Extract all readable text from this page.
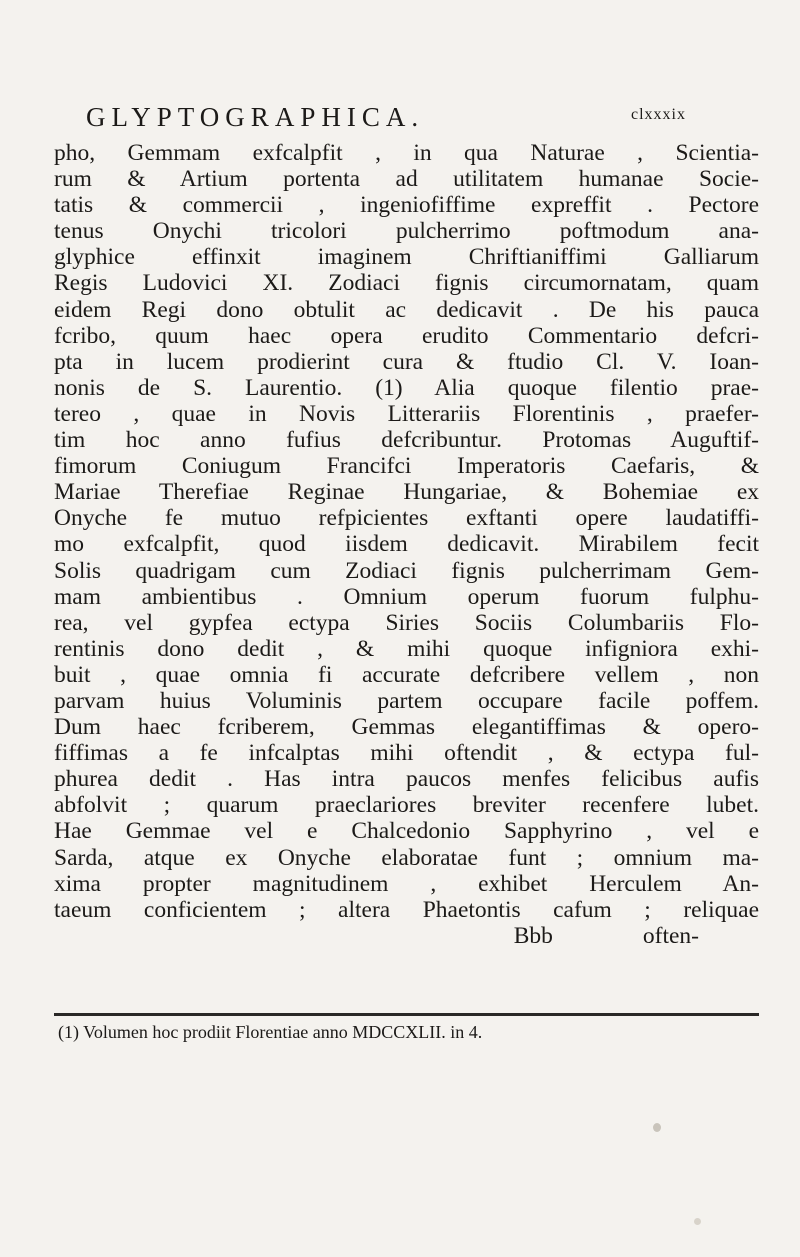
GLYPTOGRAPHICA.	clxxxix
pho, Gemmam exfcalpfit , in qua Naturae , Scientia-
rum & Artium portenta ad utilitatem humanae Socie-
tatis & commercii , ingeniofiffime expreffit . Pectore
tenus Onychi tricolori pulcherrimo poftmodum ana-
glyphice effinxit imaginem Chriftianiffimi Galliarum
Regis Ludovici XI. Zodiaci fignis circumornatam, quam
eidem Regi dono obtulit ac dedicavit . De his pauca
fcribo, quum haec opera erudito Commentario defcri-
pta in lucem prodierint cura & ftudio Cl. V. Ioan-
nonis de S. Laurentio. (1) Alia quoque filentio prae-
tereo , quae in Novis Litterariis Florentinis , praefer-
tim hoc anno fufius defcribuntur. Protomas Auguftif-
fimorum Coniugum Francifci Imperatoris Caefaris, &
Mariae Therefiae Reginae Hungariae, & Bohemiae ex
Onyche fe mutuo refpicientes exftanti opere laudatiffi-
mo exfcalpfit, quod iisdem dedicavit. Mirabilem fecit
Solis quadrigam cum Zodiaci fignis pulcherrimam Gem-
mam ambientibus . Omnium operum fuorum fulphu-
rea, vel gypfea ectypa Siries Sociis Columbariis Flo-
rentinis dono dedit , & mihi quoque infigniora exhi-
buit , quae omnia fi accurate defcribere vellem , non
parvam huius Voluminis partem occupare facile poffem.
Dum haec fcriberem, Gemmas elegantiffimas & opero-
fiffimas a fe infcalptas mihi oftendit , & ectypa ful-
phurea dedit . Has intra paucos menfes felicibus aufis
abfolvit ; quarum praeclariores breviter recenfere lubet.
Hae Gemmae vel e Chalcedonio Sapphyrino , vel e
Sarda, atque ex Onyche elaboratae funt ; omnium ma-
xima propter magnitudinem , exhibet Herculem An-
taeum conficientem ; altera Phaetontis cafum ; reliquae
Bbb	often-
(1) Volumen hoc prodiit Florentiae anno MDCCXLII. in 4.
